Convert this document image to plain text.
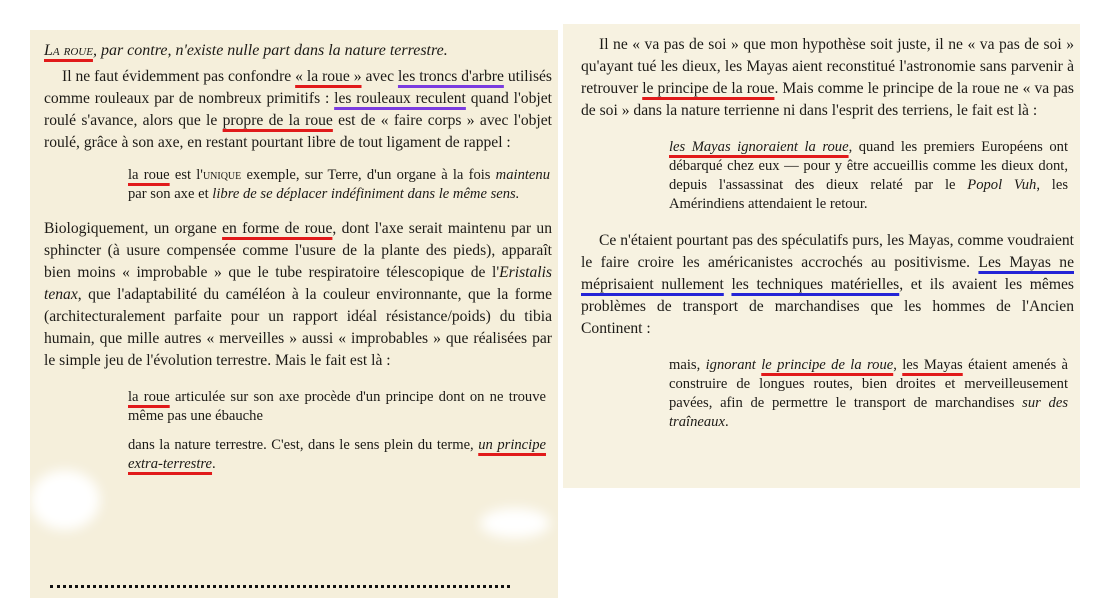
La roue, par contre, n'existe nulle part dans la nature terrestre.

Il ne faut évidemment pas confondre « la roue » avec les troncs d'arbre utilisés comme rouleaux par de nombreux primitifs : les rouleaux reculent quand l'objet roulé s'avance, alors que le propre de la roue est de « faire corps » avec l'objet roulé, grâce à son axe, en restant pourtant libre de tout ligament de rappel :

la roue est l'unique exemple, sur Terre, d'un organe à la fois maintenu par son axe et libre de se déplacer indéfiniment dans le même sens.

Biologiquement, un organe en forme de roue, dont l'axe serait maintenu par un sphincter (à usure compensée comme l'usure de la plante des pieds), apparaît bien moins « improbable » que le tube respiratoire télescopique de l'Eristalis tenax, que l'adaptabilité du caméléon à la couleur environnante, que la forme (architecturalement parfaite pour un rapport idéal résistance/poids) du tibia humain, que mille autres « merveilles » aussi « improbables » que réalisées par le simple jeu de l'évolution terrestre. Mais le fait est là :

la roue articulée sur son axe procède d'un principe dont on ne trouve même pas une ébauche

dans la nature terrestre. C'est, dans le sens plein du terme, un principe extra-terrestre.

Il ne « va pas de soi » que mon hypothèse soit juste, il ne « va pas de soi » qu'ayant tué les dieux, les Mayas aient reconstitué l'astronomie sans parvenir à retrouver le principe de la roue. Mais comme le principe de la roue ne « va pas de soi » dans la nature terrienne ni dans l'esprit des terriens, le fait est là :

les Mayas ignoraient la roue, quand les premiers Européens ont débarqué chez eux — pour y être accueillis comme les dieux dont, depuis l'assassinat des dieux relaté par le Popol Vuh, les Amérindiens attendaient le retour.

Ce n'étaient pourtant pas des spéculatifs purs, les Mayas, comme voudraient le faire croire les américanistes accrochés au positivisme. Les Mayas ne méprisaient nullement les techniques matérielles, et ils avaient les mêmes problèmes de transport de marchandises que les hommes de l'Ancien Continent :

mais, ignorant le principe de la roue, les Mayas étaient amenés à construire de longues routes, bien droites et merveilleusement pavées, afin de permettre le transport de marchandises sur des traîneaux.
